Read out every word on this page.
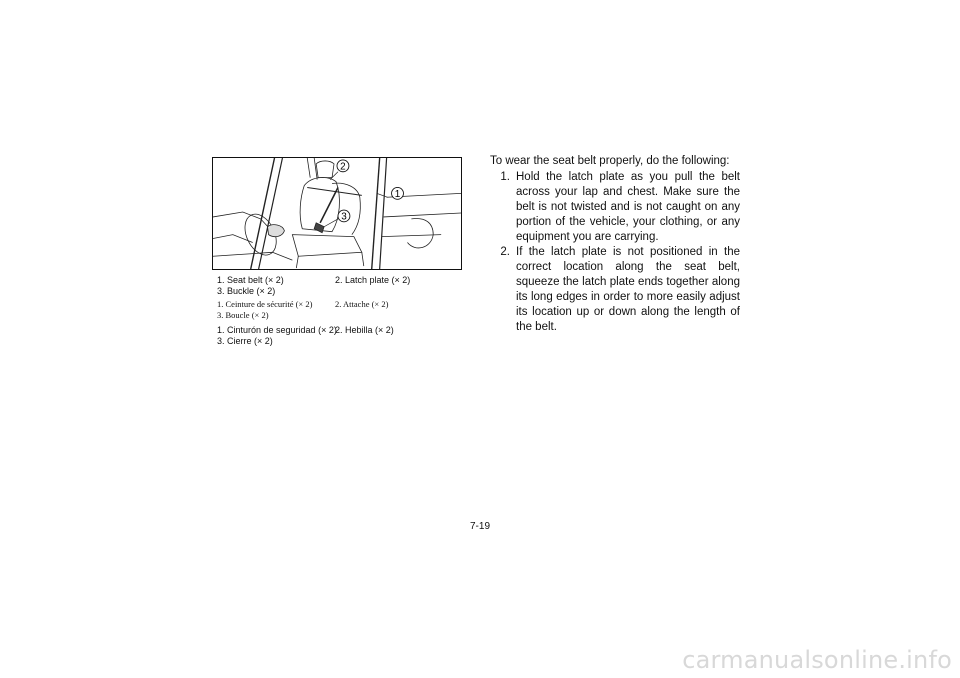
2
1
3
1. Seat belt (× 2)	2. Latch plate (× 2)
3. Buckle (× 2)
1. Ceinture de sécurité (× 2)	2. Attache (× 2)
3. Boucle (× 2)
1. Cinturón de seguridad (× 2)
2. Hebilla (× 2)
3. Cierre (× 2)

To wear the seat belt properly, do the following:

1. Hold the latch plate as you pull the belt across your lap and chest. Make sure the belt is not twisted and is not caught on any portion of the vehicle, your clothing, or any equipment you are carrying.
2. If the latch plate is not positioned in the correct location along the seat belt, squeeze the latch plate ends together along its long edges in order to more easily adjust its location up or down along the length of the belt.
7-19
carmanualsonline.info
